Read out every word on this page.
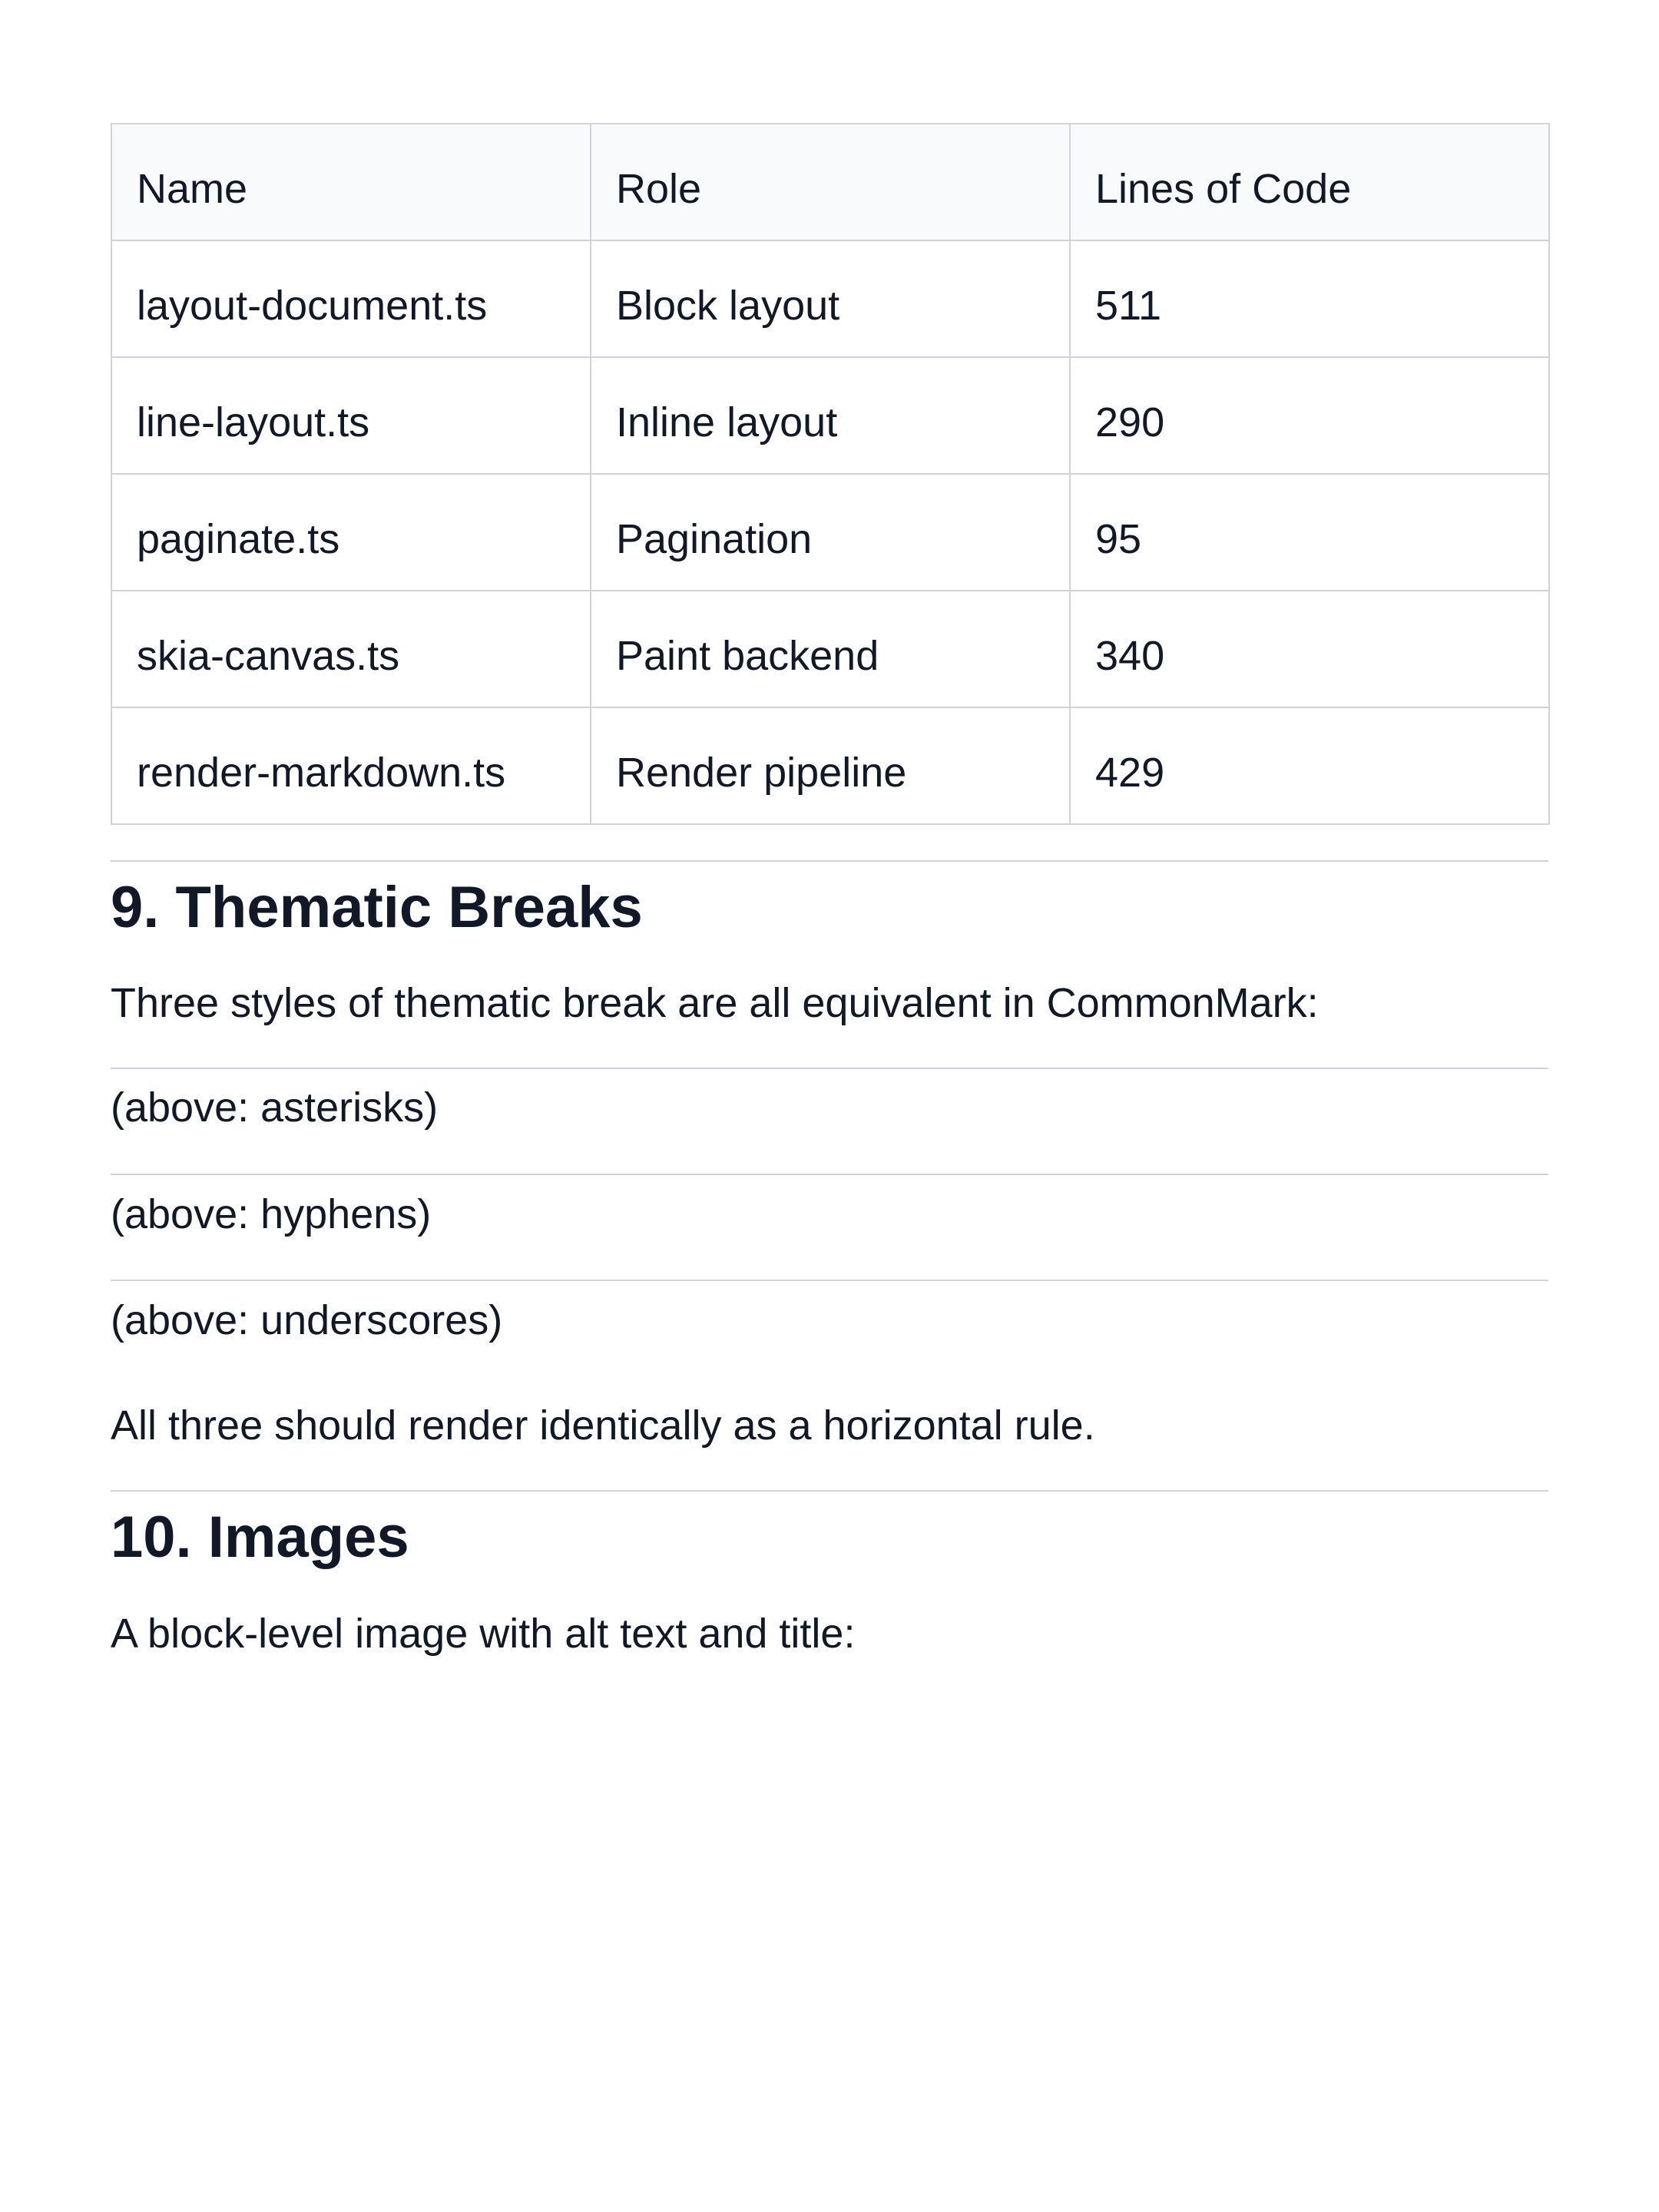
Name	Role	Lines of Code
layout-document.ts	Block layout	511
line-layout.ts	Inline layout	290
paginate.ts	Pagination	95
skia-canvas.ts	Paint backend	340
render-markdown.ts	Render pipeline	429
9. Thematic Breaks

Three styles of thematic break are all equivalent in CommonMark:

(above: asterisks)

(above: hyphens)

(above: underscores)

All three should render identically as a horizontal rule.

10. Images

A block-level image with alt text and title:
